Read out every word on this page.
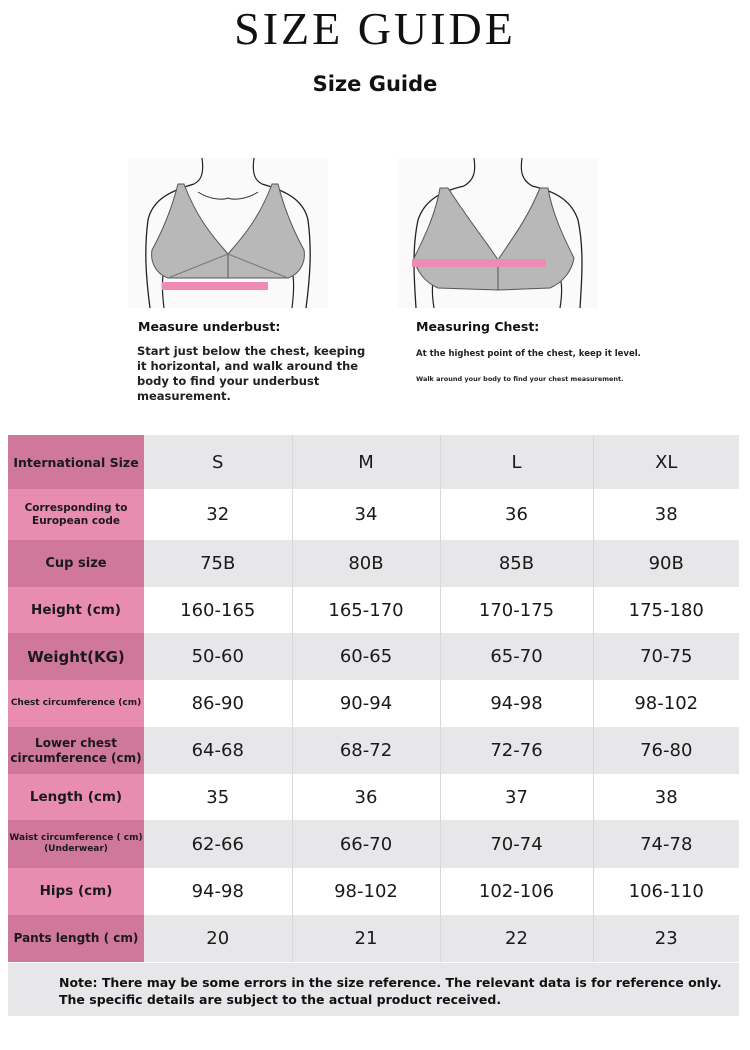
SIZE GUIDE
Size Guide
Measure underbust:
Start just below the chest, keeping it horizontal, and walk around the body to find your underbust measurement.
Measuring Chest:
At the highest point of the chest, keep it level.
Walk around your body to find your chest measurement.
International Size	S	M	L	XL
Corresponding to European code	32	34	36	38
Cup size	75B	80B	85B	90B
Height (cm)	160-165	165-170	170-175	175-180
Weight(KG)	50-60	60-65	65-70	70-75
Chest circumference (cm)	86-90	90-94	94-98	98-102
Lower chest circumference (cm)	64-68	68-72	72-76	76-80
Length (cm)	35	36	37	38
Waist circumference ( cm) (Underwear)	62-66	66-70	70-74	74-78
Hips (cm)	94-98	98-102	102-106	106-110
Pants length ( cm)	20	21	22	23
Note: There may be some errors in the size reference. The relevant data is for reference only.
The specific details are subject to the actual product received.
